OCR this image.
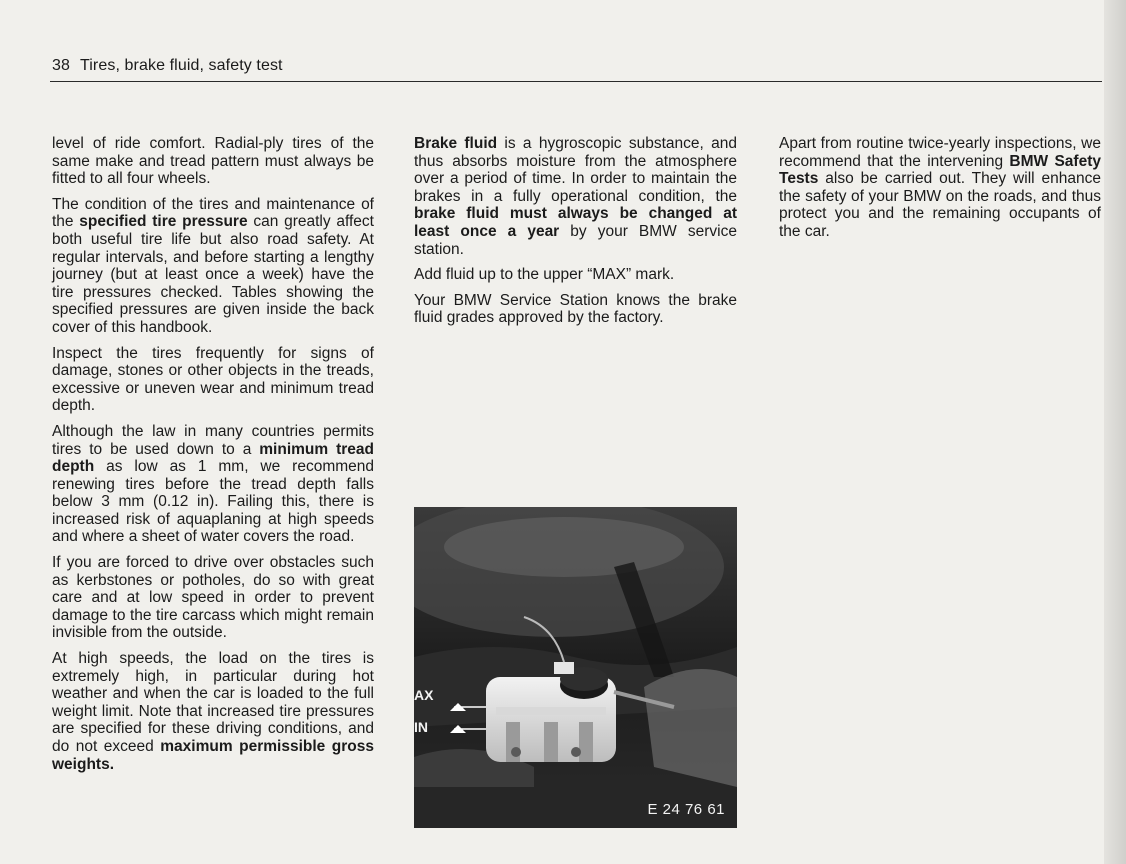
38 Tires, brake fluid, safety test

level of ride comfort. Radial-ply tires of the same make and tread pattern must always be fitted to all four wheels.

The condition of the tires and maintenance of the specified tire pressure can greatly affect both useful tire life but also road safety. At regular intervals, and before starting a lengthy journey (but at least once a week) have the tire pressures checked. Tables showing the specified pressures are given inside the back cover of this handbook.

Inspect the tires frequently for signs of damage, stones or other objects in the treads, excessive or uneven wear and minimum tread depth.

Although the law in many countries permits tires to be used down to a minimum tread depth as low as 1 mm, we recommend renewing tires before the tread depth falls below 3 mm (0.12 in). Failing this, there is increased risk of aquaplaning at high speeds and where a sheet of water covers the road.

If you are forced to drive over obstacles such as kerbstones or potholes, do so with great care and at low speed in order to prevent damage to the tire carcass which might remain invisible from the outside.

At high speeds, the load on the tires is extremely high, in particular during hot weather and when the car is loaded to the full weight limit. Note that increased tire pressures are specified for these driving conditions, and do not exceed maximum permissible gross weights.

Brake fluid is a hygroscopic substance, and thus absorbs moisture from the atmosphere over a period of time. In order to maintain the brakes in a fully operational condition, the brake fluid must always be changed at least once a year by your BMW service station.

Add fluid up to the upper “MAX” mark.

Your BMW Service Station knows the brake fluid grades approved by the factory.

Apart from routine twice-yearly inspections, we recommend that the intervening BMW Safety Tests also be carried out. They will enhance the safety of your BMW on the roads, and thus protect you and the remaining occupants of the car.

AX
IN
E 24 76 61
